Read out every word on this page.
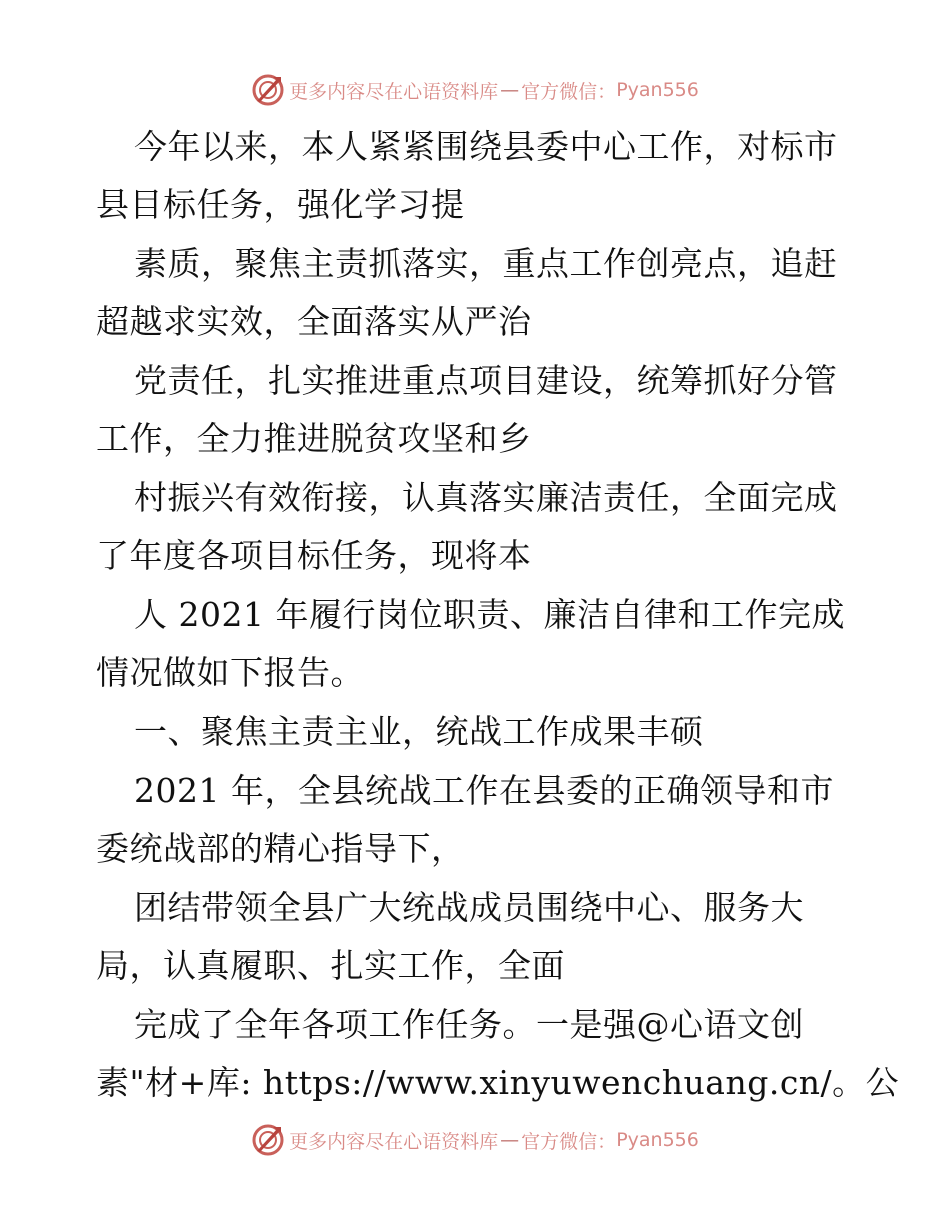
更多内容尽在心语资料库 — 官方微信： Pyan556
今年以来，本人紧紧围绕县委中心工作，对标市
县目标任务，强化学习提
素质，聚焦主责抓落实，重点工作创亮点，追赶
超越求实效，全面落实从严治
党责任，扎实推进重点项目建设，统筹抓好分管
工作，全力推进脱贫攻坚和乡
村振兴有效衔接，认真落实廉洁责任，全面完成
了年度各项目标任务，现将本
人 2021 年履行岗位职责、廉洁自律和工作完成
情况做如下报告。
一、聚焦主责主业，统战工作成果丰硕
2021 年，全县统战工作在县委的正确领导和市
委统战部的精心指导下，
团结带领全县广大统战成员围绕中心、服务大
局，认真履职、扎实工作，全面
完成了全年各项工作任务。一是强@心语文创
素"材+库: https://www.xinyuwenchuang.cn/。公
更多内容尽在心语资料库 — 官方微信： Pyan556
